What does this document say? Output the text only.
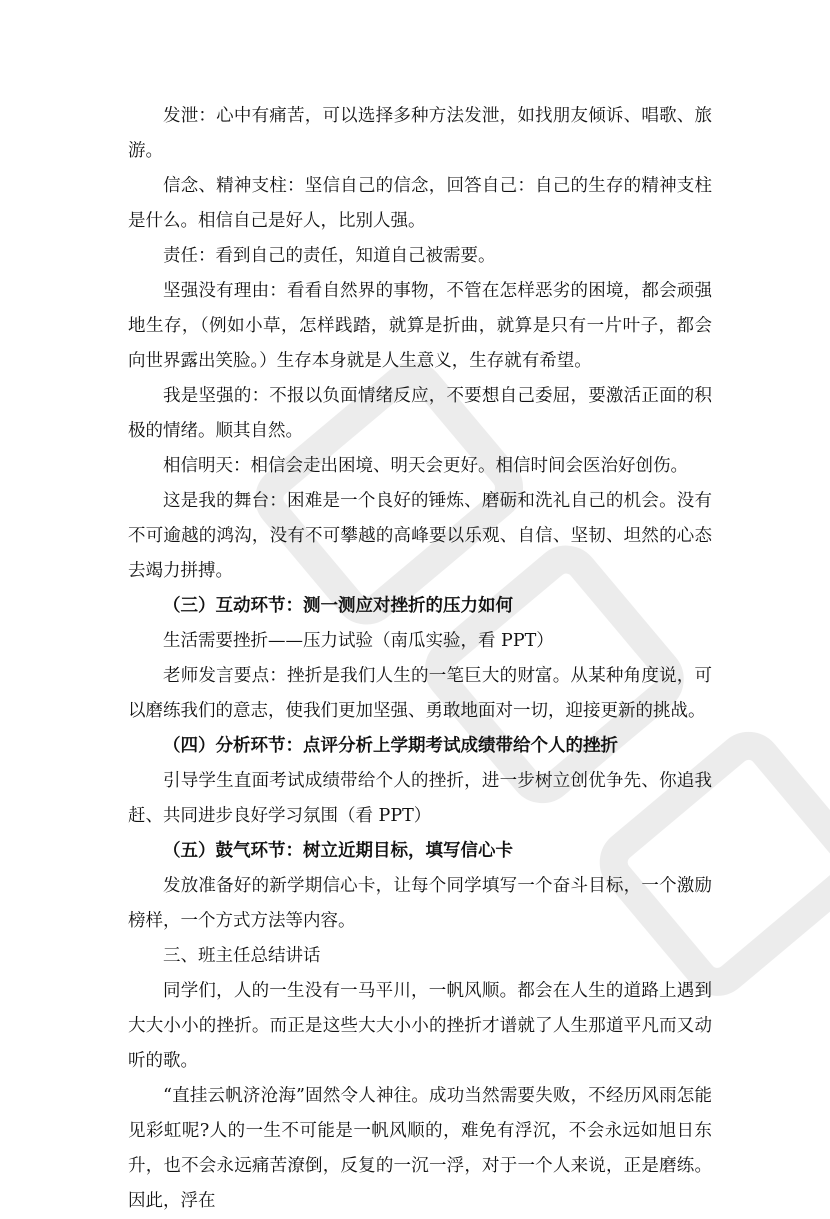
发泄：心中有痛苦，可以选择多种方法发泄，如找朋友倾诉、唱歌、旅游。

信念、精神支柱：坚信自己的信念，回答自己：自己的生存的精神支柱是什么。相信自己是好人，比别人强。

责任：看到自己的责任，知道自己被需要。

坚强没有理由：看看自然界的事物，不管在怎样恶劣的困境，都会顽强地生存，（例如小草，怎样践踏，就算是折曲，就算是只有一片叶子，都会向世界露出笑脸。）生存本身就是人生意义，生存就有希望。

我是坚强的：不报以负面情绪反应，不要想自己委屈，要激活正面的积极的情绪。顺其自然。

相信明天：相信会走出困境、明天会更好。相信时间会医治好创伤。

这是我的舞台：困难是一个良好的锤炼、磨砺和洗礼自己的机会。没有不可逾越的鸿沟，没有不可攀越的高峰要以乐观、自信、坚韧、坦然的心态去竭力拼搏。

（三）互动环节：测一测应对挫折的压力如何

生活需要挫折——压力试验（南瓜实验，看 PPT）

老师发言要点：挫折是我们人生的一笔巨大的财富。从某种角度说，可以磨练我们的意志，使我们更加坚强、勇敢地面对一切，迎接更新的挑战。

（四）分析环节：点评分析上学期考试成绩带给个人的挫折

引导学生直面考试成绩带给个人的挫折，进一步树立创优争先、你追我赶、共同进步良好学习氛围（看 PPT）

（五）鼓气环节：树立近期目标，填写信心卡

发放准备好的新学期信心卡，让每个同学填写一个奋斗目标，一个激励榜样，一个方式方法等内容。

三、班主任总结讲话

同学们，人的一生没有一马平川，一帆风顺。都会在人生的道路上遇到大大小小的挫折。而正是这些大大小小的挫折才谱就了人生那道平凡而又动听的歌。

“直挂云帆济沧海”固然令人神往。成功当然需要失败，不经历风雨怎能见彩虹呢?人的一生不可能是一帆风顺的，难免有浮沉，不会永远如旭日东升，也不会永远痛苦潦倒，反复的一沉一浮，对于一个人来说，正是磨练。因此，浮在
